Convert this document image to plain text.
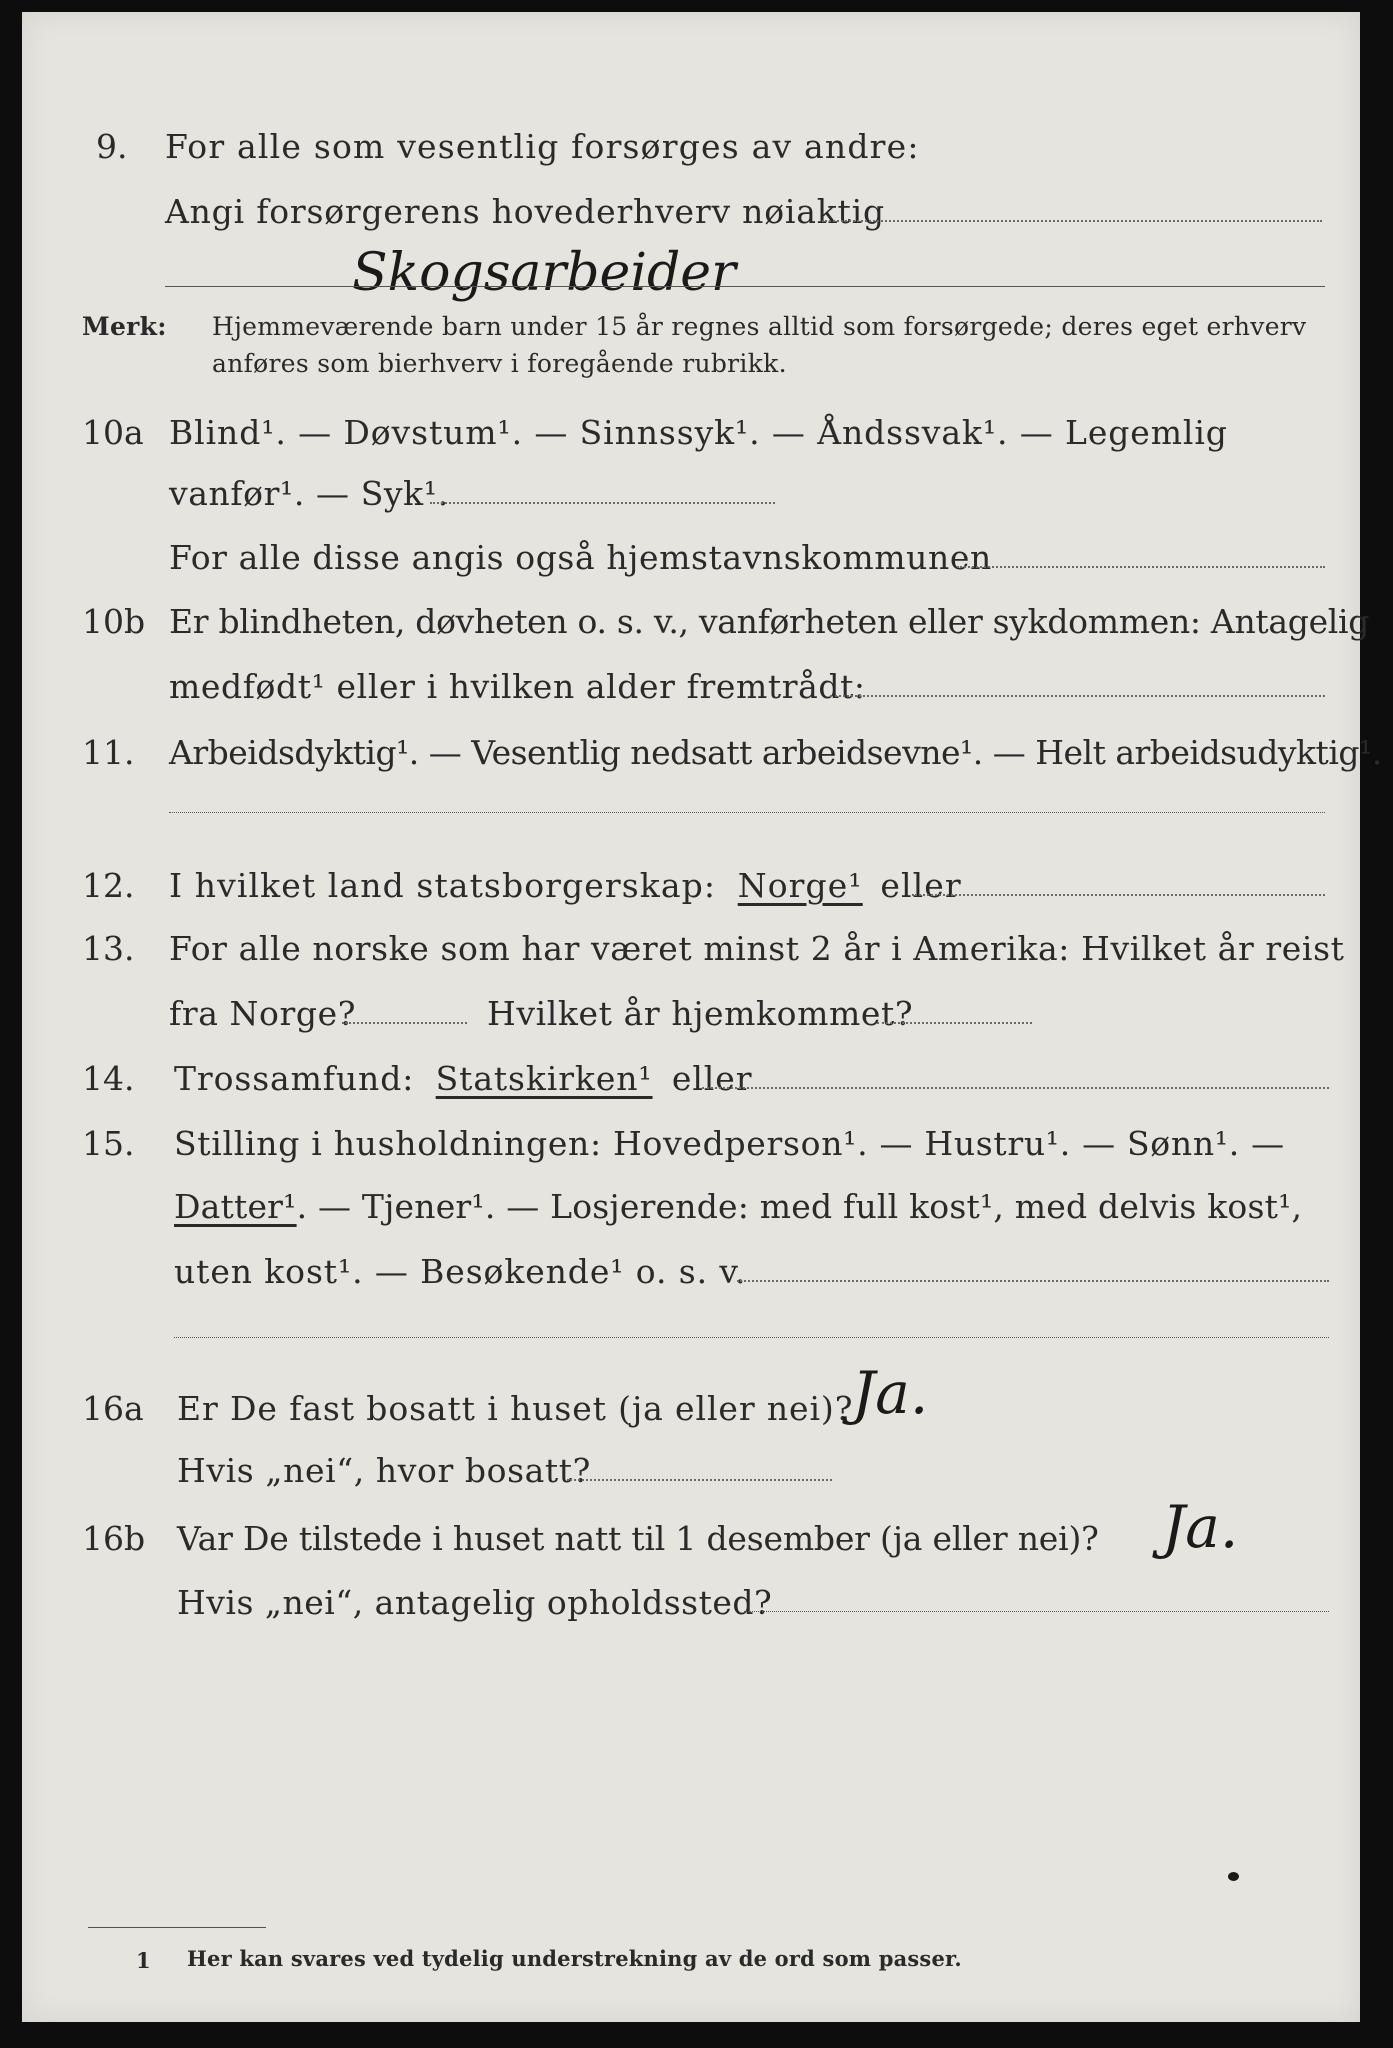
9. For alle som vesentlig forsørges av andre:
Angi forsørgerens hovederhverv nøiaktig
Skogsarbeider
Merk: Hjemmeværende barn under 15 år regnes alltid som forsørgede; deres eget erhverv
anføres som bierhverv i foregående rubrikk.
10a Blind¹. — Døvstum¹. — Sinnssyk¹. — Åndssvak¹. — Legemlig
vanfør¹. — Syk¹.
For alle disse angis også hjemstavnskommunen
10b Er blindheten, døvheten o. s. v., vanførheten eller sykdommen: Antagelig
medfødt¹ eller i hvilken alder fremtrådt:
11. Arbeidsdyktig¹. — Vesentlig nedsatt arbeidsevne¹. — Helt arbeidsudyktig¹.
12. I hvilket land statsborgerskap: Norge¹ eller
13. For alle norske som har været minst 2 år i Amerika: Hvilket år reist
fra Norge?	Hvilket år hjemkommet?
14. Trossamfund: Statskirken¹ eller
15. Stilling i husholdningen: Hovedperson¹. — Hustru¹. — Sønn¹. —
Datter¹. — Tjener¹. — Losjerende: med full kost¹, med delvis kost¹,
uten kost¹. — Besøkende¹ o. s. v.
16a Er De fast bosatt i huset (ja eller nei)?
Ja.
Hvis „nei“, hvor bosatt?
16b Var De tilstede i huset natt til 1 desember (ja eller nei)? Ja.
Hvis „nei“, antagelig opholdssted?
1 Her kan svares ved tydelig understrekning av de ord som passer.
